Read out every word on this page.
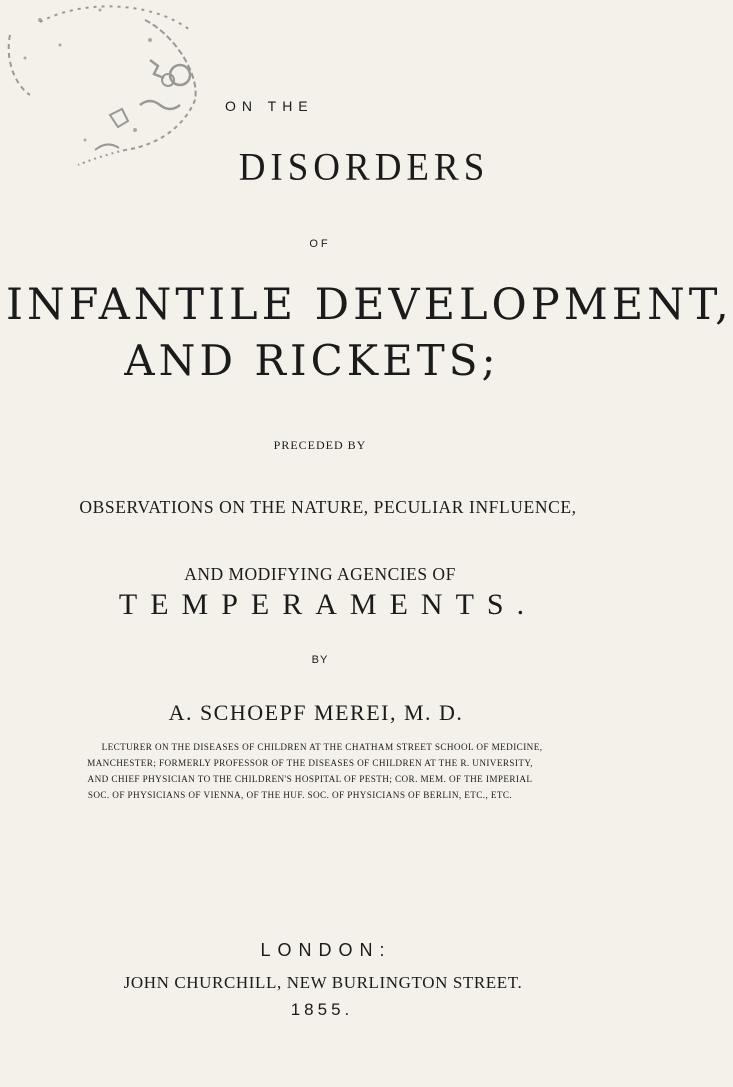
ON THE
DISORDERS
OF
INFANTILE DEVELOPMENT,
AND RICKETS;
PRECEDED BY
OBSERVATIONS ON THE NATURE, PECULIAR INFLUENCE,
AND MODIFYING AGENCIES OF
TEMPERAMENTS.
BY
A. SCHOEPF MEREI, M. D.
LECTURER ON THE DISEASES OF CHILDREN AT THE CHATHAM STREET SCHOOL OF MEDICINE,
MANCHESTER; FORMERLY PROFESSOR OF THE DISEASES OF CHILDREN AT THE R. UNIVERSITY,
AND CHIEF PHYSICIAN TO THE CHILDREN'S HOSPITAL OF PESTH; COR. MEM. OF THE IMPERIAL
SOC. OF PHYSICIANS OF VIENNA, OF THE HUF. SOC. OF PHYSICIANS OF BERLIN, ETC., ETC.
LONDON:
JOHN CHURCHILL, NEW BURLINGTON STREET.
1855.
